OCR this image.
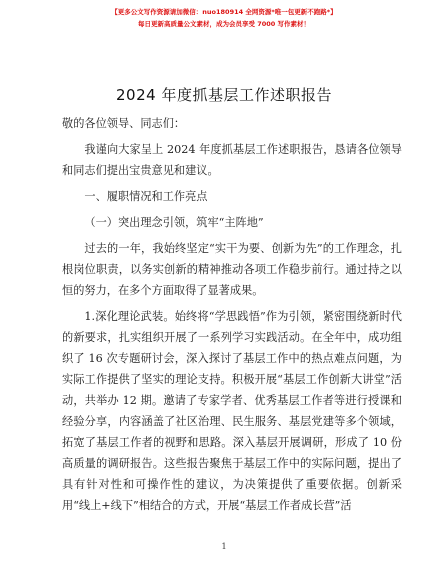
【更多公文写作资源请加微信：nuo180914 全网资源*唯一包更新不跑路*】
每日更新高质量公文素材，成为会员享受 7000 写作素材！
2024 年度抓基层工作述职报告

敬的各位领导、同志们：

我谨向大家呈上 2024 年度抓基层工作述职报告，恳请各位领导和同志们提出宝贵意见和建议。

一、履职情况和工作亮点

（一）突出理念引领，筑牢“主阵地”

过去的一年，我始终坚定“实干为要、创新为先”的工作理念，扎根岗位职责，以务实创新的精神推动各项工作稳步前行。通过持之以恒的努力，在多个方面取得了显著成果。

1.深化理论武装。始终将“学思践悟”作为引领，紧密围绕新时代的新要求，扎实组织开展了一系列学习实践活动。在全年中，成功组织了 16 次专题研讨会，深入探讨了基层工作中的热点难点问题，为实际工作提供了坚实的理论支持。积极开展“基层工作创新大讲堂”活动，共举办 12 期。邀请了专家学者、优秀基层工作者等进行授课和经验分享，内容涵盖了社区治理、民生服务、基层党建等多个领域，拓宽了基层工作者的视野和思路。深入基层开展调研，形成了 10 份高质量的调研报告。这些报告聚焦于基层工作中的实际问题，提出了具有针对性和可操作性的建议，为决策提供了重要依据。创新采用“线上+线下”相结合的方式，开展“基层工作者成长营”活

1
